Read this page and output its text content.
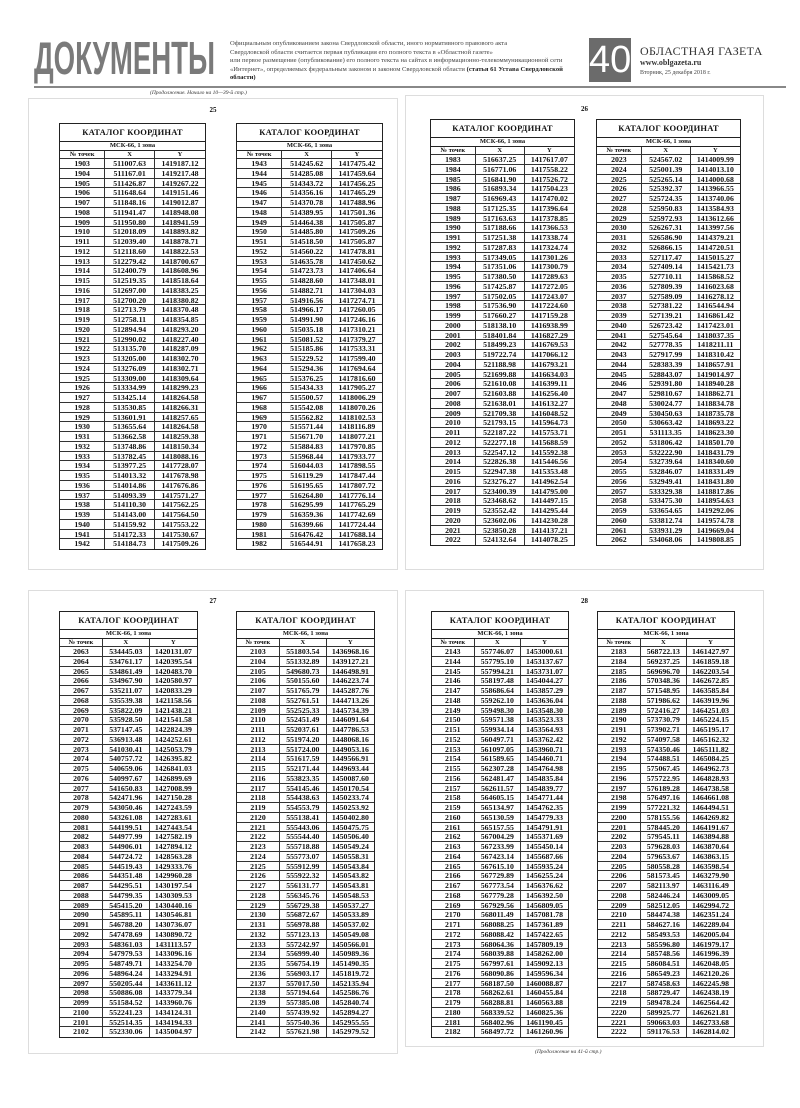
ДОКУМЕНТЫ Официальным опубликованием закона Свердловской области, иного нормативного правового акта
Свердловской области считается первая публикация его полного текста в «Областной газете»
или первое размещение (опубликование) его полного текста на сайтах в информационно-телекоммуникационной сети
«Интернет», определяемых федеральным законом и законом Свердловской области (статья 61 Устава Свердловской области)	40 ОБЛАСТНАЯ ГАЗЕТА
www.oblgazeta.ru
Вторник, 25 декабря 2018 г.
(Продолжение. Начало на 10—39-й стр.)
(Продолжение на 41-й стр.)
25
КАТАЛОГ КООРДИНАТ
МСК-66, 1 зона
№ точек	X	Y
1903	511007.63	1419187.12
1904	511167.01	1419217.48
1905	511426.87	1419267.22
1906	511648.64	1419151.46
1907	511848.16	1419012.87
1908	511941.47	1418948.08
1909	511950.80	1418941.59
1910	512018.09	1418893.82
1911	512039.40	1418878.71
1912	512118.60	1418822.53
1913	512279.42	1418700.67
1914	512400.79	1418608.96
1915	512519.35	1418518.64
1916	512697.00	1418383.25
1917	512700.20	1418380.82
1918	512713.79	1418370.48
1919	512758.11	1418354.85
1920	512894.94	1418293.20
1921	512990.02	1418227.40
1922	513135.70	1418287.09
1923	513205.00	1418302.70
1924	513276.09	1418302.71
1925	513309.00	1418309.64
1926	513334.99	1418299.23
1927	513425.14	1418264.58
1928	513530.85	1418266.31
1929	513601.91	1418257.65
1930	513655.64	1418264.58
1931	513662.58	1418259.38
1932	513748.86	1418150.34
1933	513782.45	1418088.16
1934	513977.25	1417728.07
1935	514013.32	1417678.98
1936	514014.86	1417676.86
1937	514093.39	1417571.27
1938	514110.30	1417562.25
1939	514143.00	1417564.50
1940	514159.92	1417553.22
1941	514172.33	1417530.67
1942	514184.73	1417509.26
КАТАЛОГ КООРДИНАТ
МСК-66, 1 зона
№ точек	X	Y
1943	514245.62	1417475.42
1944	514285.08	1417459.64
1945	514343.72	1417456.25
1946	514356.16	1417465.29
1947	514370.78	1417488.96
1948	514389.95	1417501.36
1949	514464.38	1417505.87
1950	514485.80	1417509.26
1951	514518.50	1417505.87
1952	514560.22	1417478.81
1953	514635.78	1417450.62
1954	514723.73	1417406.64
1955	514828.60	1417348.01
1956	514882.71	1417304.03
1957	514916.56	1417274.71
1958	514966.17	1417260.05
1959	514991.90	1417246.16
1960	515035.18	1417310.21
1961	515081.52	1417379.27
1962	515185.86	1417533.31
1963	515229.52	1417599.40
1964	515294.36	1417694.64
1965	515376.25	1417816.60
1966	515434.33	1417905.27
1967	515500.57	1418006.29
1968	515542.08	1418070.26
1969	515562.82	1418102.53
1970	515571.44	1418116.89
1971	515671.70	1418077.21
1972	515884.83	1417970.85
1973	515968.44	1417933.77
1974	516044.03	1417898.55
1975	516119.29	1417847.44
1976	516195.65	1417807.72
1977	516264.80	1417776.14
1978	516295.99	1417765.29
1979	516359.36	1417742.69
1980	516399.66	1417724.44
1981	516476.42	1417688.14
1982	516544.91	1417658.23
26
КАТАЛОГ КООРДИНАТ
МСК-66, 1 зона
№ точек	X	Y
1983	516637.25	1417617.07
1984	516771.06	1417558.22
1985	516841.90	1417526.72
1986	516893.34	1417504.23
1987	516969.43	1417470.02
1988	517125.35	1417396.64
1989	517163.63	1417378.85
1990	517188.66	1417366.53
1991	517251.38	1417338.74
1992	517287.83	1417324.74
1993	517349.05	1417301.26
1994	517351.06	1417300.79
1995	517380.50	1417289.63
1996	517425.87	1417272.05
1997	517502.05	1417243.07
1998	517536.90	1417224.60
1999	517660.27	1417159.28
2000	518138.10	1416938.99
2001	518401.84	1416827.29
2002	518499.23	1416769.53
2003	519722.74	1417066.12
2004	521188.98	1416793.21
2005	521699.88	1416634.03
2006	521610.08	1416399.11
2007	521603.88	1416256.40
2008	521638.01	1416132.27
2009	521709.38	1416048.52
2010	521793.15	1415964.73
2011	522187.22	1415753.71
2012	522277.18	1415688.59
2013	522547.12	1415592.38
2014	522826.38	1415446.56
2015	522947.38	1415353.48
2016	523276.27	1414962.54
2017	523400.39	1414795.00
2018	523468.62	1414497.15
2019	523552.42	1414295.44
2020	523602.06	1414230.28
2021	523850.28	1414137.21
2022	524132.64	1414078.25
КАТАЛОГ КООРДИНАТ
МСК-66, 1 зона
№ точек	X	Y
2023	524567.02	1414009.99
2024	525001.39	1414013.10
2025	525265.14	1414000.68
2026	525392.37	1413966.55
2027	525724.35	1413740.06
2028	525950.83	1413584.93
2029	525972.93	1413612.66
2030	526267.31	1413997.56
2031	526586.90	1414379.21
2032	526866.15	1414720.51
2033	527117.47	1415015.27
2034	527409.14	1415421.73
2035	527710.11	1415868.52
2036	527809.39	1416023.68
2037	527589.09	1416278.12
2038	527381.22	1416544.94
2039	527139.21	1416861.42
2040	526723.42	1417423.01
2041	527545.64	1418037.35
2042	527778.35	1418211.11
2043	527917.99	1418310.42
2044	528383.39	1418657.91
2045	528843.07	1419014.97
2046	529391.80	1418940.28
2047	529810.67	1418862.71
2048	530024.77	1418834.78
2049	530450.63	1418735.78
2050	530663.42	1418693.22
2051	531113.35	1418623.30
2052	531806.42	1418501.70
2053	532222.90	1418431.79
2054	532739.64	1418340.60
2055	532846.07	1418331.49
2056	532949.41	1418431.80
2057	533329.38	1418817.86
2058	533475.30	1418954.63
2059	533654.65	1419292.06
2060	533812.74	1419574.78
2061	533931.29	1419669.04
2062	534068.06	1419808.85
27
КАТАЛОГ КООРДИНАТ
МСК-66, 1 зона
№ точек	X	Y
2063	534445.03	1420131.07
2064	534761.17	1420395.54
2065	534861.49	1420483.70
2066	534967.90	1420580.97
2067	535211.07	1420833.29
2068	535539.38	1421158.56
2069	535822.09	1421438.21
2070	535928.50	1421541.58
2071	537147.45	1422824.39
2072	536913.48	1424252.61
2073	541030.41	1425053.79
2074	540757.72	1426395.82
2075	540659.06	1426841.03
2076	540997.67	1426899.69
2077	541650.83	1427008.99
2078	542471.96	1427150.28
2079	543050.46	1427243.59
2080	543261.08	1427283.61
2081	544199.51	1427443.54
2082	544977.99	1427582.19
2083	544906.01	1427894.12
2084	544724.72	1428563.28
2085	544519.43	1429333.76
2086	544351.48	1429960.28
2087	544295.51	1430197.54
2088	544799.35	1430309.53
2089	545415.20	1430440.16
2090	545895.11	1430546.81
2091	546788.20	1430736.07
2092	547478.69	1430890.72
2093	548361.03	1431113.57
2094	547979.53	1433096.16
2095	548749.71	1433254.70
2096	548964.24	1433294.91
2097	550205.44	1433611.12
2098	550886.08	1433779.34
2099	551584.52	1433960.76
2100	552241.23	1434124.31
2101	552514.35	1434194.33
2102	552330.06	1435004.97
КАТАЛОГ КООРДИНАТ
МСК-66, 1 зона
№ точек	X	Y
2103	551803.54	1436968.16
2104	551332.89	1439127.21
2105	549680.73	1446498.91
2106	550155.60	1446223.74
2107	551765.79	1445287.76
2108	552761.51	1444713.26
2109	552525.33	1445734.39
2110	552451.49	1446091.64
2111	552037.61	1447786.53
2112	551974.20	1448068.16
2113	551724.00	1449053.16
2114	551617.59	1449566.91
2115	552171.44	1449693.44
2116	553823.35	1450087.60
2117	554145.46	1450170.54
2118	554438.63	1450233.74
2119	554553.79	1450253.92
2120	555138.41	1450402.80
2121	555443.06	1450475.75
2122	555544.40	1450506.40
2123	555718.88	1450549.24
2124	555773.07	1450558.31
2125	555912.99	1450543.84
2126	555922.32	1450543.82
2127	556131.77	1450543.81
2128	556345.76	1450548.53
2129	556729.38	1450537.27
2130	556872.67	1450533.89
2131	556978.88	1450537.02
2132	557123.13	1450549.08
2133	557242.97	1450566.01
2134	556999.40	1450989.36
2135	556754.19	1451490.35
2136	556903.17	1451819.72
2137	557017.50	1452135.94
2138	557194.64	1452586.76
2139	557385.08	1452840.74
2140	557439.92	1452894.27
2141	557540.36	1452955.55
2142	557621.98	1452979.52
28
КАТАЛОГ КООРДИНАТ
МСК-66, 1 зона
№ точек	X	Y
2143	557746.07	1453000.61
2144	557795.10	1453137.67
2145	557994.21	1453731.07
2146	558197.48	1454044.27
2147	558686.64	1453857.29
2148	559262.10	1453636.04
2149	559498.30	1453548.30
2150	559571.38	1453523.33
2151	559934.14	1453564.93
2152	560497.71	1453762.42
2153	561097.05	1453960.71
2154	561589.65	1454460.71
2155	562307.28	1454764.98
2156	562481.47	1454835.84
2157	562611.57	1454839.77
2158	564605.15	1454771.44
2159	565134.97	1454762.35
2160	565130.59	1454779.33
2161	565157.55	1454791.91
2162	567004.29	1455371.69
2163	567233.99	1455450.14
2164	567423.14	1455687.66
2165	567615.10	1455935.24
2166	567729.89	1456255.24
2167	567773.54	1456376.62
2168	567779.28	1456392.50
2169	567929.56	1456809.05
2170	568011.49	1457081.78
2171	568088.25	1457361.89
2172	568088.42	1457422.65
2173	568064.36	1457809.19
2174	568039.88	1458262.00
2175	567997.61	1459092.13
2176	568090.86	1459596.34
2177	568187.50	1460088.87
2178	568262.61	1460455.84
2179	568288.81	1460563.88
2180	568339.52	1460825.36
2181	568402.96	1461190.45
2182	568497.72	1461260.96
КАТАЛОГ КООРДИНАТ
МСК-66, 1 зона
№ точек	X	Y
2183	568722.13	1461427.97
2184	569237.25	1461859.18
2185	569696.70	1462203.54
2186	570348.36	1462672.85
2187	571548.95	1463585.84
2188	571986.62	1463919.96
2189	572416.27	1464251.03
2190	573730.79	1465224.15
2191	573902.71	1465195.17
2192	574097.58	1465162.32
2193	574350.46	1465111.82
2194	574488.51	1465084.25
2195	575067.45	1464962.73
2196	575722.95	1464828.93
2197	576189.28	1464738.58
2198	576497.16	1464661.08
2199	577221.32	1464494.51
2200	578155.56	1464269.82
2201	578445.20	1464191.67
2202	579545.11	1463894.88
2203	579628.03	1463870.64
2204	579653.67	1463863.15
2205	580558.28	1463598.54
2206	581573.45	1463279.90
2207	582113.97	1463116.49
2208	582446.24	1463009.05
2209	582512.05	1462994.72
2210	584474.38	1462351.24
2211	584627.16	1462289.04
2212	585493.53	1462005.04
2213	585596.80	1461979.17
2214	585748.56	1461996.39
2215	586084.51	1462048.05
2216	586549.23	1462120.26
2217	587458.63	1462245.98
2218	588729.47	1462438.19
2219	589478.24	1462564.42
2220	589925.77	1462621.81
2221	590663.03	1462733.68
2222	591176.53	1462814.02
